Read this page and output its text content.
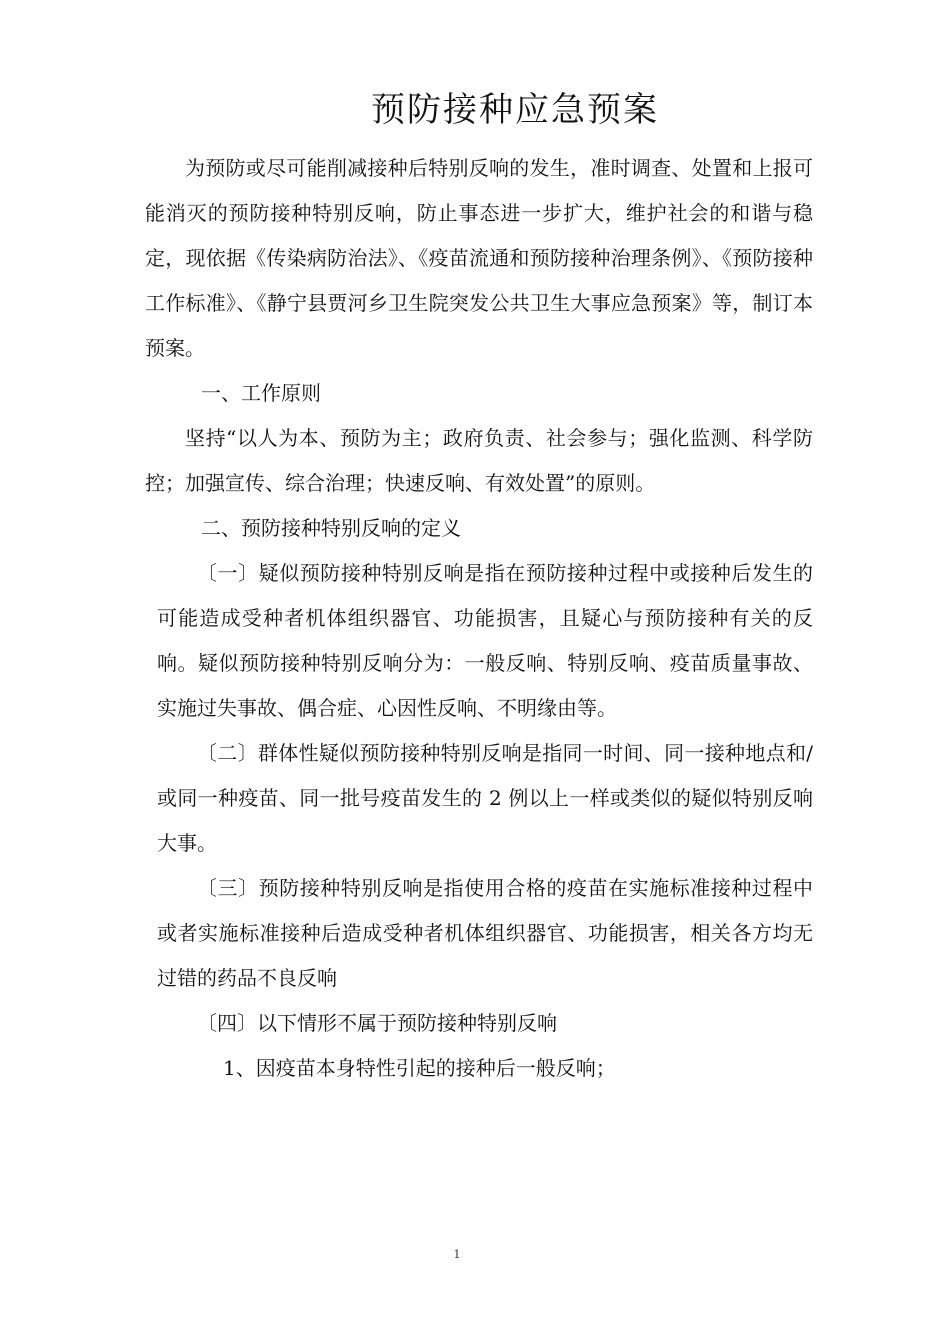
预防接种应急预案

为预防或尽可能削减接种后特别反响的发生，准时调查、处置和上报可能消灭的预防接种特别反响，防止事态进一步扩大，维护社会的和谐与稳定，现依据《传染病防治法》、《疫苗流通和预防接种治理条例》、《预防接种工作标准》、《静宁县贾河乡卫生院突发公共卫生大事应急预案》等，制订本预案。

一、工作原则

坚持“以人为本、预防为主；政府负责、社会参与；强化监测、科学防控；加强宣传、综合治理；快速反响、有效处置”的原则。

二、预防接种特别反响的定义

〔一〕疑似预防接种特别反响是指在预防接种过程中或接种后发生的可能造成受种者机体组织器官、功能损害，且疑心与预防接种有关的反响。疑似预防接种特别反响分为：一般反响、特别反响、疫苗质量事故、实施过失事故、偶合症、心因性反响、不明缘由等。

〔二〕群体性疑似预防接种特别反响是指同一时间、同一接种地点和/或同一种疫苗、同一批号疫苗发生的 2 例以上一样或类似的疑似特别反响大事。

〔三〕预防接种特别反响是指使用合格的疫苗在实施标准接种过程中或者实施标准接种后造成受种者机体组织器官、功能损害，相关各方均无过错的药品不良反响

〔四〕以下情形不属于预防接种特别反响

1、因疫苗本身特性引起的接种后一般反响；

1
